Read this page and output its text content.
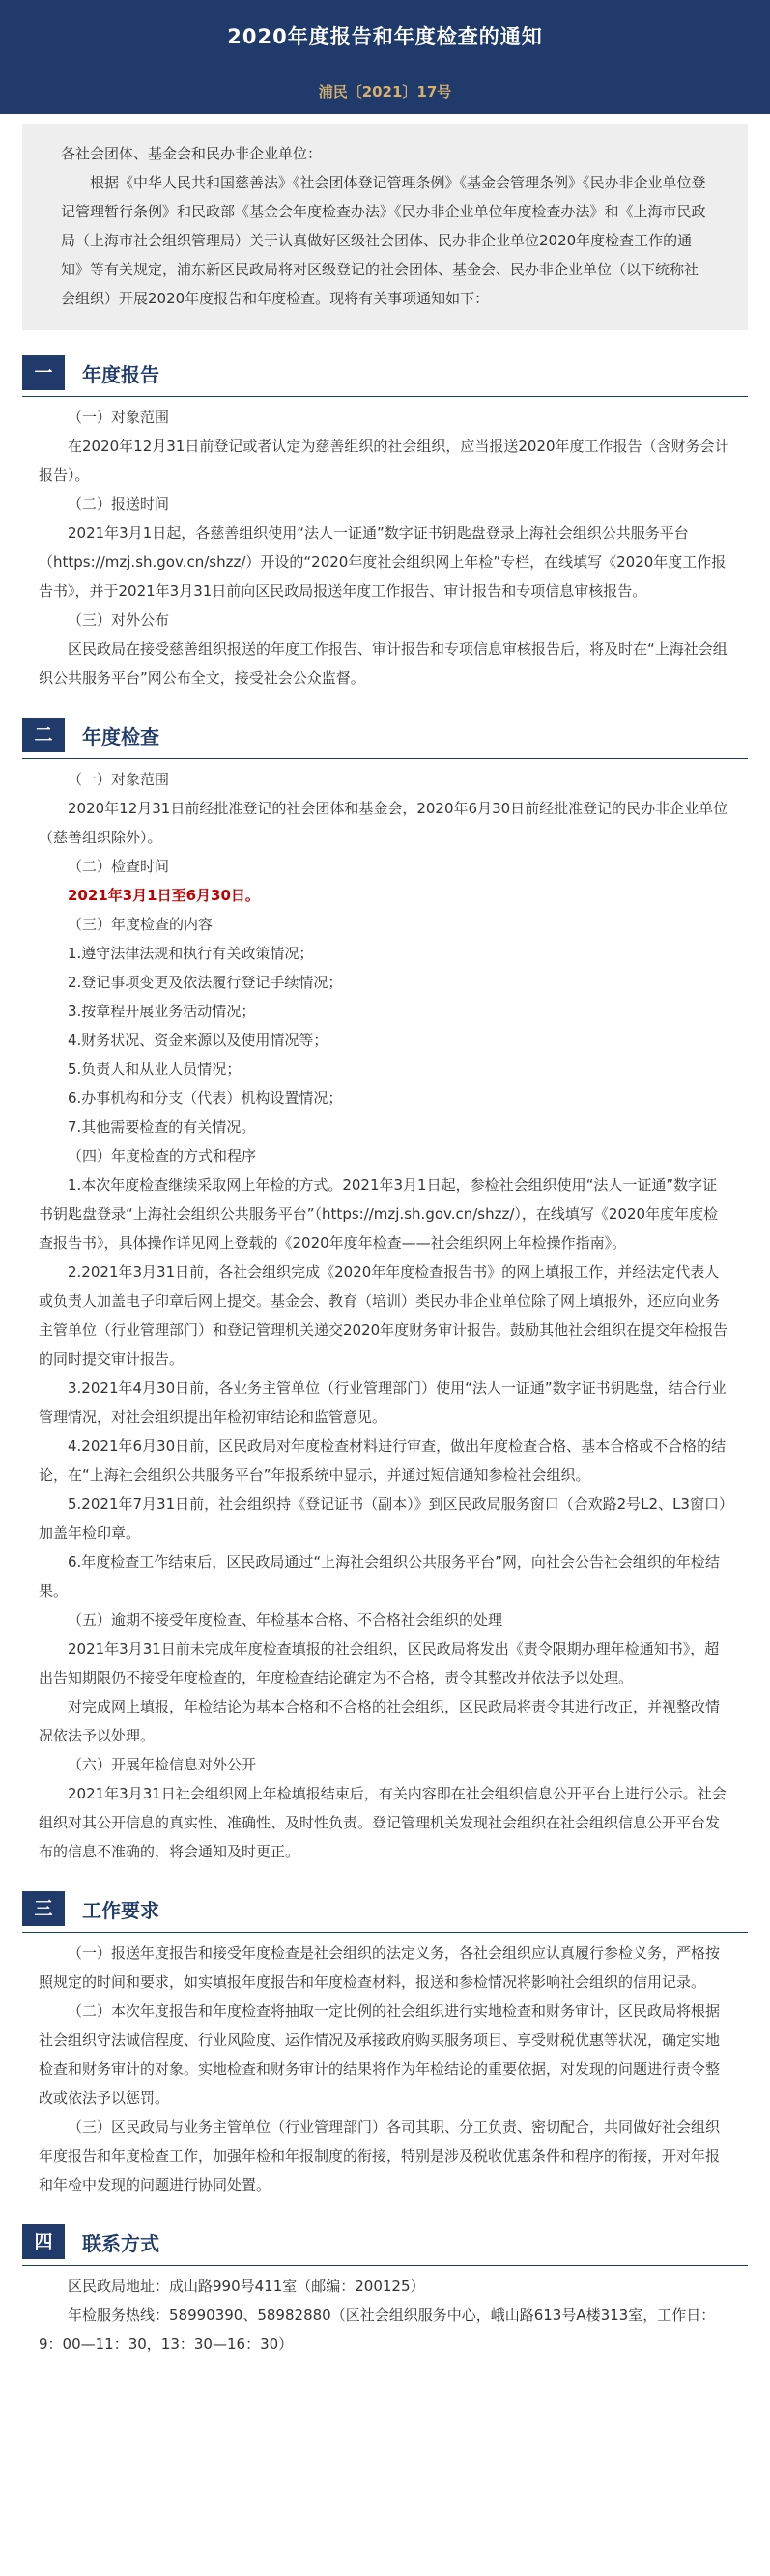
2020年度报告和年度检查的通知
浦民〔2021〕17号

各社会团体、基金会和民办非企业单位：

根据《中华人民共和国慈善法》《社会团体登记管理条例》《基金会管理条例》《民办非企业单位登记管理暂行条例》和民政部《基金会年度检查办法》《民办非企业单位年度检查办法》和《上海市民政局（上海市社会组织管理局）关于认真做好区级社会团体、民办非企业单位2020年度检查工作的通知》等有关规定，浦东新区民政局将对区级登记的社会团体、基金会、民办非企业单位（以下统称社会组织）开展2020年度报告和年度检查。现将有关事项通知如下：

一	年度报告

（一）对象范围

在2020年12月31日前登记或者认定为慈善组织的社会组织，应当报送2020年度工作报告（含财务会计报告）。

（二）报送时间

2021年3月1日起，各慈善组织使用“法人一证通”数字证书钥匙盘登录上海社会组织公共服务平台（https://mzj.sh.gov.cn/shzz/）开设的“2020年度社会组织网上年检”专栏，在线填写《2020年度工作报告书》，并于2021年3月31日前向区民政局报送年度工作报告、审计报告和专项信息审核报告。

（三）对外公布

区民政局在接受慈善组织报送的年度工作报告、审计报告和专项信息审核报告后，将及时在“上海社会组织公共服务平台”网公布全文，接受社会公众监督。

二	年度检查

（一）对象范围

2020年12月31日前经批准登记的社会团体和基金会，2020年6月30日前经批准登记的民办非企业单位（慈善组织除外）。

（二）检查时间

2021年3月1日至6月30日。

（三）年度检查的内容

1.遵守法律法规和执行有关政策情况；

2.登记事项变更及依法履行登记手续情况；

3.按章程开展业务活动情况；

4.财务状况、资金来源以及使用情况等；

5.负责人和从业人员情况；

6.办事机构和分支（代表）机构设置情况；

7.其他需要检查的有关情况。

（四）年度检查的方式和程序

1.本次年度检查继续采取网上年检的方式。2021年3月1日起，参检社会组织使用“法人一证通”数字证书钥匙盘登录“上海社会组织公共服务平台”（https://mzj.sh.gov.cn/shzz/），在线填写《2020年度年度检查报告书》，具体操作详见网上登载的《2020年度年检查——社会组织网上年检操作指南》。

2.2021年3月31日前，各社会组织完成《2020年年度检查报告书》的网上填报工作，并经法定代表人或负责人加盖电子印章后网上提交。基金会、教育（培训）类民办非企业单位除了网上填报外，还应向业务主管单位（行业管理部门）和登记管理机关递交2020年度财务审计报告。鼓励其他社会组织在提交年检报告的同时提交审计报告。

3.2021年4月30日前，各业务主管单位（行业管理部门）使用“法人一证通”数字证书钥匙盘，结合行业管理情况，对社会组织提出年检初审结论和监管意见。

4.2021年6月30日前，区民政局对年度检查材料进行审查，做出年度检查合格、基本合格或不合格的结论，在“上海社会组织公共服务平台”年报系统中显示，并通过短信通知参检社会组织。

5.2021年7月31日前，社会组织持《登记证书（副本）》到区民政局服务窗口（合欢路2号L2、L3窗口）加盖年检印章。

6.年度检查工作结束后，区民政局通过“上海社会组织公共服务平台”网，向社会公告社会组织的年检结果。

（五）逾期不接受年度检查、年检基本合格、不合格社会组织的处理

2021年3月31日前未完成年度检查填报的社会组织，区民政局将发出《责令限期办理年检通知书》，超出告知期限仍不接受年度检查的，年度检查结论确定为不合格，责令其整改并依法予以处理。

对完成网上填报，年检结论为基本合格和不合格的社会组织，区民政局将责令其进行改正，并视整改情况依法予以处理。

（六）开展年检信息对外公开

2021年3月31日社会组织网上年检填报结束后，有关内容即在社会组织信息公开平台上进行公示。社会组织对其公开信息的真实性、准确性、及时性负责。登记管理机关发现社会组织在社会组织信息公开平台发布的信息不准确的，将会通知及时更正。

三	工作要求

（一）报送年度报告和接受年度检查是社会组织的法定义务，各社会组织应认真履行参检义务，严格按照规定的时间和要求，如实填报年度报告和年度检查材料，报送和参检情况将影响社会组织的信用记录。

（二）本次年度报告和年度检查将抽取一定比例的社会组织进行实地检查和财务审计，区民政局将根据社会组织守法诚信程度、行业风险度、运作情况及承接政府购买服务项目、享受财税优惠等状况，确定实地检查和财务审计的对象。实地检查和财务审计的结果将作为年检结论的重要依据，对发现的问题进行责令整改或依法予以惩罚。

（三）区民政局与业务主管单位（行业管理部门）各司其职、分工负责、密切配合，共同做好社会组织年度报告和年度检查工作，加强年检和年报制度的衔接，特别是涉及税收优惠条件和程序的衔接，开对年报和年检中发现的问题进行协同处置。

四	联系方式

区民政局地址：成山路990号411室（邮编：200125）

年检服务热线：58990390、58982880（区社会组织服务中心，峨山路613号A楼313室，工作日：9：00—11：30，13：30—16：30）
